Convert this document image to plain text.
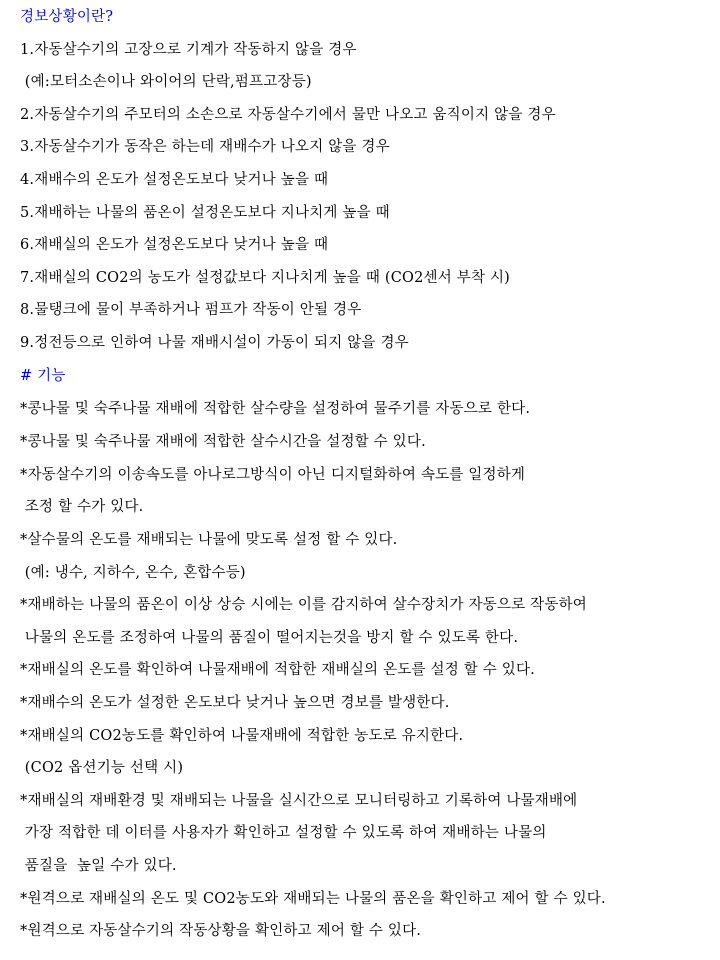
경보상황이란?
1.자동살수기의 고장으로 기계가 작동하지 않을 경우
(예:모터소손이나 와이어의 단락,펌프고장등)
2.자동살수기의 주모터의 소손으로 자동살수기에서 물만 나오고 움직이지 않을 경우
3.자동살수기가 동작은 하는데 재배수가 나오지 않을 경우
4.재배수의 온도가 설정온도보다 낮거나 높을 때
5.재배하는 나물의 품온이 설정온도보다 지나치게 높을 때
6.재배실의 온도가 설정온도보다 낮거나 높을 때
7.재배실의 CO2의 농도가 설정값보다 지나치게 높을 때 (CO2센서 부착 시)
8.물탱크에 물이 부족하거나 펌프가 작동이 안될 경우
9.정전등으로 인하여 나물 재배시설이 가동이 되지 않을 경우
# 기능
*콩나물 및 숙주나물 재배에 적합한 살수량을 설정하여 물주기를 자동으로 한다.
*콩나물 및 숙주나물 재배에 적합한 살수시간을 설정할 수 있다.
*자동살수기의 이송속도를 아나로그방식이 아닌 디지털화하여 속도를 일정하게
조정 할 수가 있다.
*살수물의 온도를 재배되는 나물에 맞도록 설정 할 수 있다.
(예: 냉수, 지하수, 온수, 혼합수등)
*재배하는 나물의 품온이 이상 상승 시에는 이를 감지하여 살수장치가 자동으로 작동하여
나물의 온도를 조정하여 나물의 품질이 떨어지는것을 방지 할 수 있도록 한다.
*재배실의 온도를 확인하여 나물재배에 적합한 재배실의 온도를 설정 할 수 있다.
*재배수의 온도가 설정한 온도보다 낮거나 높으면 경보를 발생한다.
*재배실의 CO2농도를 확인하여 나물재배에 적합한 농도로 유지한다.
(CO2 옵션기능 선택 시)
*재배실의 재배환경 및 재배되는 나물을 실시간으로 모니터링하고 기록하여 나물재배에
가장 적합한 데 이터를 사용자가 확인하고 설정할 수 있도록 하여 재배하는 나물의
품질을  높일 수가 있다.
*원격으로 재배실의 온도 및 CO2농도와 재배되는 나물의 품온을 확인하고 제어 할 수 있다.
*원격으로 자동살수기의 작동상황을 확인하고 제어 할 수 있다.
